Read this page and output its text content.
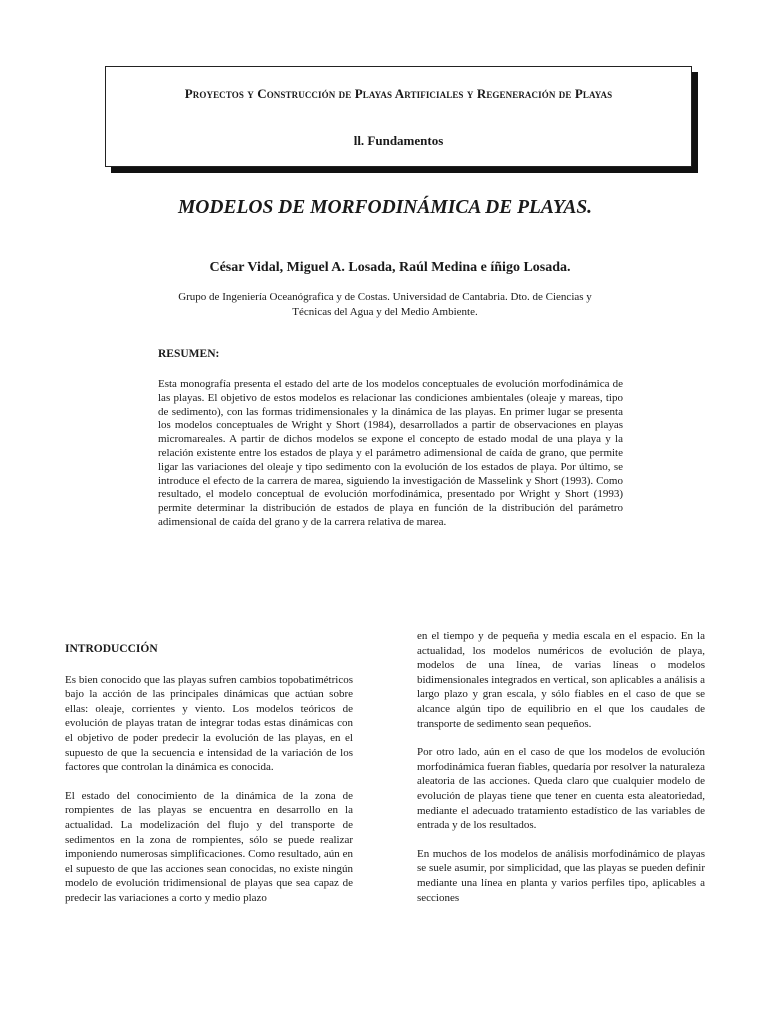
Proyectos y Construcción de Playas Artificiales y Regeneración de Playas
ll. Fundamentos
MODELOS DE MORFODINÁMICA DE PLAYAS.
César Vidal, Miguel A. Losada, Raúl Medina e íñigo Losada.
Grupo de Ingeniería Oceanógrafica y de Costas. Universidad de Cantabria. Dto. de Ciencias y Técnicas del Agua y del Medio Ambiente.
RESUMEN:
Esta monografía presenta el estado del arte de los modelos conceptuales de evolución morfodinámica de las playas. El objetivo de estos modelos es relacionar las condiciones ambientales (oleaje y mareas, tipo de sedimento), con las formas tridimensionales y la dinámica de las playas. En primer lugar se presenta los modelos conceptuales de Wright y Short (1984), desarrollados a partir de observaciones en playas micromareales. A partir de dichos modelos se expone el concepto de estado modal de una playa y la relación existente entre los estados de playa y el parámetro adimensional de caída de grano, que permite ligar las variaciones del oleaje y tipo sedimento con la evolución de los estados de playa. Por último, se introduce el efecto de la carrera de marea, siguiendo la investigación de Masselink y Short (1993). Como resultado, el modelo conceptual de evolución morfodinámica, presentado por Wright y Short (1993) permite determinar la distribución de estados de playa en función de la distribución del parámetro adimensional de caída del grano y de la carrera relativa de marea.
INTRODUCCIÓN

Es bien conocido que las playas sufren cambios topobatimétricos bajo la acción de las principales dinámicas que actúan sobre ellas: oleaje, corrientes y viento. Los modelos teóricos de evolución de playas tratan de integrar todas estas dinámicas con el objetivo de poder predecir la evolución de las playas, en el supuesto de que la secuencia e intensidad de la variación de los factores que controlan la dinámica es conocida.

El estado del conocimiento de la dinámica de la zona de rompientes de las playas se encuentra en desarrollo en la actualidad. La modelización del flujo y del transporte de sedimentos en la zona de rompientes, sólo se puede realizar imponiendo numerosas simplificaciones. Como resultado, aún en el supuesto de que las acciones sean conocidas, no existe ningún modelo de evolución tridimensional de playas que sea capaz de predecir las variaciones a corto y medio plazo

en el tiempo y de pequeña y media escala en el espacio. En la actualidad, los modelos numéricos de evolución de playa, modelos de una línea, de varias líneas o modelos bidimensionales integrados en vertical, son aplicables a análisis a largo plazo y gran escala, y sólo fiables en el caso de que se alcance algún tipo de equilibrio en el que los caudales de transporte de sedimento sean pequeños.

Por otro lado, aún en el caso de que los modelos de evolución morfodinámica fueran fiables, quedaría por resolver la naturaleza aleatoria de las acciones. Queda claro que cualquier modelo de evolución de playas tiene que tener en cuenta esta aleatoriedad, mediante el adecuado tratamiento estadístico de las variables de entrada y de los resultados.

En muchos de los modelos de análisis morfodinámico de playas se suele asumir, por simplicidad, que las playas se pueden definir mediante una línea en planta y varios perfiles tipo, aplicables a secciones
